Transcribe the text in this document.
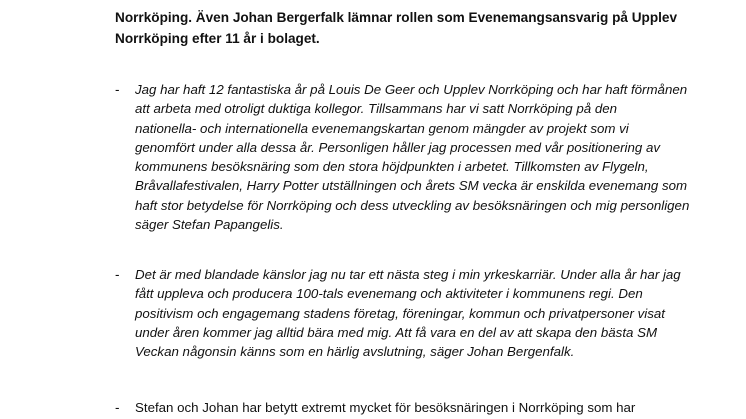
Norrköping. Även Johan Bergerfalk lämnar rollen som Evenemangsansvarig på Upplev
Norrköping efter 11 år i bolaget.

- Jag har haft 12 fantastiska år på Louis De Geer och Upplev Norrköping och har haft förmånen
att arbeta med otroligt duktiga kollegor. Tillsammans har vi satt Norrköping på den
nationella- och internationella evenemangskartan genom mängder av projekt som vi
genomfört under alla dessa år. Personligen håller jag processen med vår positionering av
kommunens besöksnäring som den stora höjdpunkten i arbetet. Tillkomsten av Flygeln,
Bråvallafestivalen, Harry Potter utställningen och årets SM vecka är enskilda evenemang som
haft stor betydelse för Norrköping och dess utveckling av besöksnäringen och mig personligen
säger Stefan Papangelis.

- Det är med blandade känslor jag nu tar ett nästa steg i min yrkeskarriär. Under alla år har jag
fått uppleva och producera 100-tals evenemang och aktiviteter i kommunens regi. Den
positivism och engagemang stadens företag, föreningar, kommun och privatpersoner visat
under åren kommer jag alltid bära med mig. Att få vara en del av att skapa den bästa SM
Veckan någonsin känns som en härlig avslutning, säger Johan Bergenfalk.

- Stefan och Johan har betytt extremt mycket för besöksnäringen i Norrköping som har
